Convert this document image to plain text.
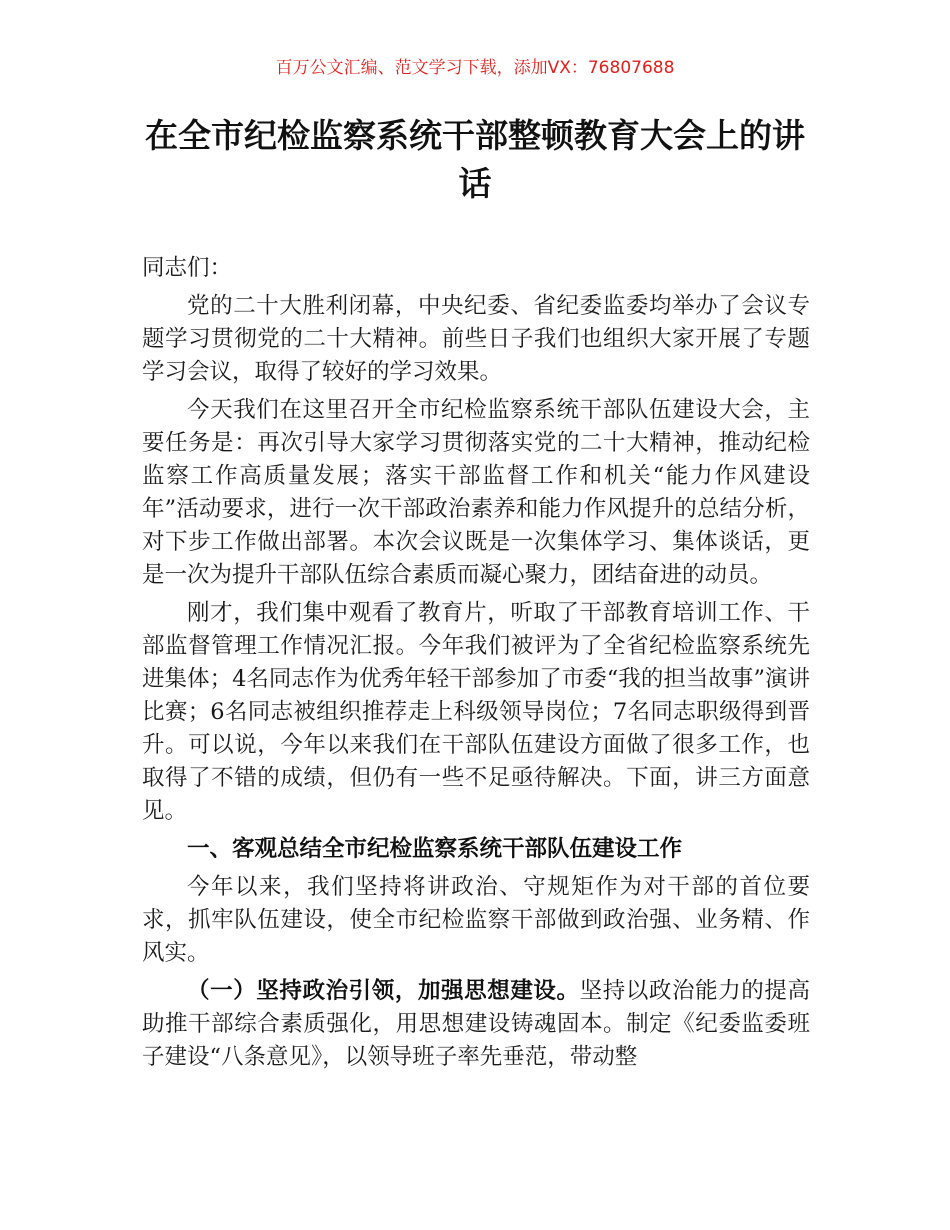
百万公文汇编、范文学习下载，添加VX：76807688
在全市纪检监察系统干部整顿教育大会上的讲话

同志们：

党的二十大胜利闭幕，中央纪委、省纪委监委均举办了会议专题学习贯彻党的二十大精神。前些日子我们也组织大家开展了专题学习会议，取得了较好的学习效果。

今天我们在这里召开全市纪检监察系统干部队伍建设大会，主要任务是：再次引导大家学习贯彻落实党的二十大精神，推动纪检监察工作高质量发展；落实干部监督工作和机关“能力作风建设年”活动要求，进行一次干部政治素养和能力作风提升的总结分析，对下步工作做出部署。本次会议既是一次集体学习、集体谈话，更是一次为提升干部队伍综合素质而凝心聚力，团结奋进的动员。

刚才，我们集中观看了教育片，听取了干部教育培训工作、干部监督管理工作情况汇报。今年我们被评为了全省纪检监察系统先进集体；4名同志作为优秀年轻干部参加了市委“我的担当故事”演讲比赛；6名同志被组织推荐走上科级领导岗位；7名同志职级得到晋升。可以说，今年以来我们在干部队伍建设方面做了很多工作，也取得了不错的成绩，但仍有一些不足亟待解决。下面，讲三方面意见。

一、客观总结全市纪检监察系统干部队伍建设工作

今年以来，我们坚持将讲政治、守规矩作为对干部的首位要求，抓牢队伍建设，使全市纪检监察干部做到政治强、业务精、作风实。

（一）坚持政治引领，加强思想建设。坚持以政治能力的提高助推干部综合素质强化，用思想建设铸魂固本。制定《纪委监委班子建设“八条意见》，以领导班子率先垂范，带动整
